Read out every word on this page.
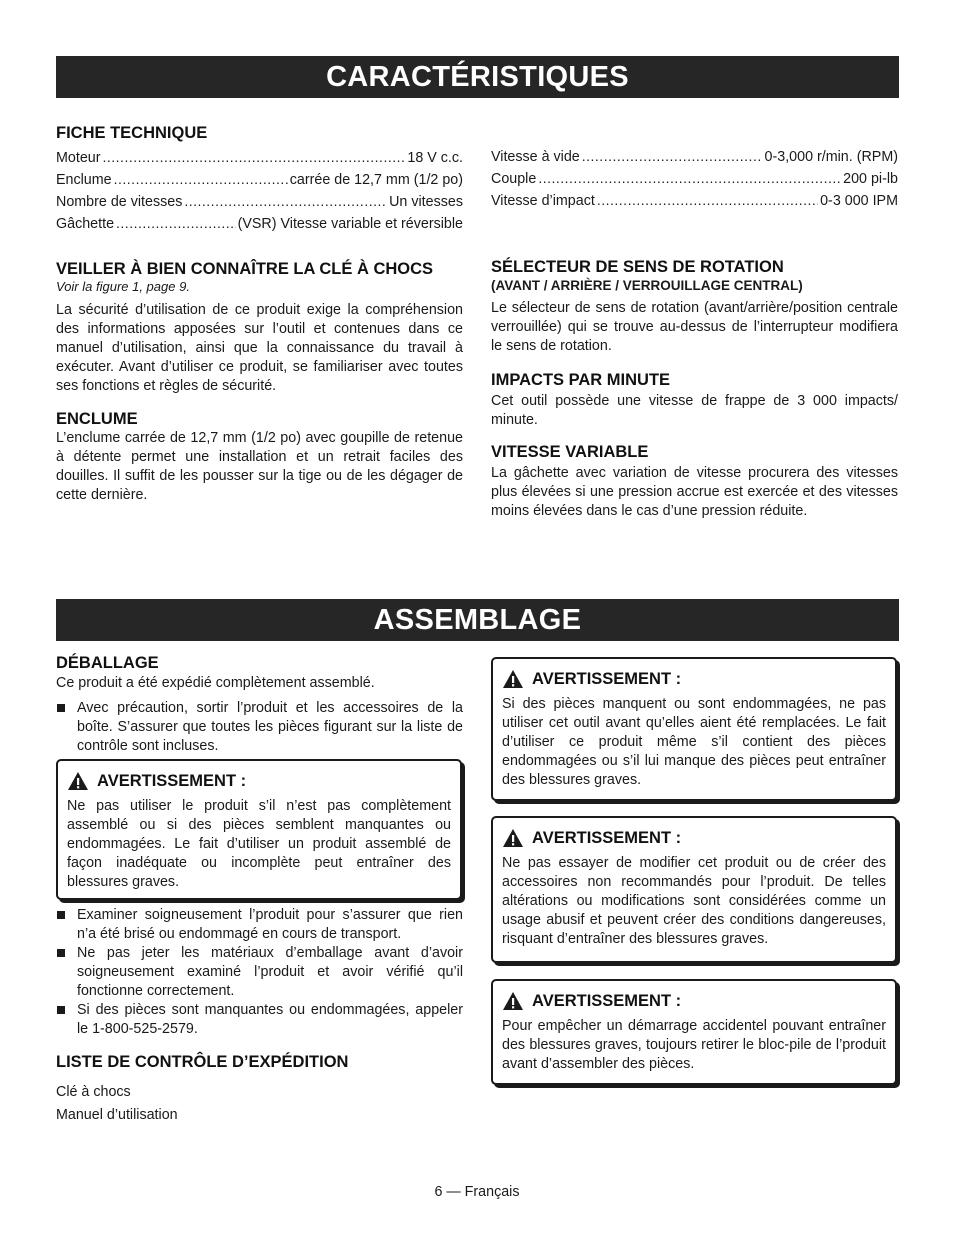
CARACTÉRISTIQUES
FICHE TECHNIQUE
Moteur .....	18 V c.c.
Enclume .....	carrée de 12,7 mm (1/2 po)
Nombre de vitesses .....	Un vitesses
Gâchette .....	(VSR) Vitesse variable et réversible
Vitesse à vide .....	0-3,000 r/min. (RPM)
Couple .....	200 pi-lb
Vitesse d’impact .....	0-3 000 IPM
VEILLER À BIEN CONNAÎTRE LA CLÉ À CHOCS
Voir la figure 1, page 9.

La sécurité d’utilisation de ce produit exige la compréhension des informations apposées sur l’outil et contenues dans ce manuel d’utilisation, ainsi que la connaissance du travail à exécuter. Avant d’utiliser ce produit, se familiariser avec toutes ses fonctions et règles de sécurité.

ENCLUME

L’enclume carrée de 12,7 mm (1/2 po) avec goupille de retenue à détente permet une installation et un retrait faciles des douilles. Il suffit de les pousser sur la tige ou de les dégager de cette dernière.

SÉLECTEUR DE SENS DE ROTATION
(AVANT / ARRIÈRE / VERROUILLAGE CENTRAL)

Le sélecteur de sens de rotation (avant/arrière/position centrale verrouillée) qui se trouve au-dessus de l’interrupteur modifiera le sens de rotation.

IMPACTS PAR MINUTE

Cet outil possède une vitesse de frappe de 3 000 impacts/ minute.

VITESSE VARIABLE

La gâchette avec variation de vitesse procurera des vitesses plus élevées si une pression accrue est exercée et des vitesses moins élevées dans le cas d’une pression réduite.

ASSEMBLAGE
DÉBALLAGE

Ce produit a été expédié complètement assemblé.

Avec précaution, sortir l’produit et les accessoires de la boîte. S’assurer que toutes les pièces figurant sur la liste de contrôle sont incluses.
AVERTISSEMENT :

Ne pas utiliser le produit s’il n’est pas complètement assemblé ou si des pièces semblent manquantes ou endommagées. Le fait d’utiliser un produit assemblé de façon inadéquate ou incomplète peut entraîner des blessures graves.

Examiner soigneusement l’produit pour s’assurer que rien n’a été brisé ou endommagé en cours de transport.
Ne pas jeter les matériaux d’emballage avant d’avoir soigneusement examiné l’produit et avoir vérifié qu’il fonctionne correctement.
Si des pièces sont manquantes ou endommagées, appeler le 1-800-525-2579.
LISTE DE CONTRÔLE D’EXPÉDITION
Clé à chocs
Manuel d’utilisation
AVERTISSEMENT :

Si des pièces manquent ou sont endommagées, ne pas utiliser cet outil avant qu’elles aient été remplacées. Le fait d’utiliser ce produit même s’il contient des pièces endommagées ou s’il lui manque des pièces peut entraîner des blessures graves.

AVERTISSEMENT :

Ne pas essayer de modifier cet produit ou de créer des accessoires non recommandés pour l’produit. De telles altérations ou modifications sont considérées comme un usage abusif et peuvent créer des conditions dangereuses, risquant d’entraîner des blessures graves.

AVERTISSEMENT :

Pour empêcher un démarrage accidentel pouvant entraîner des blessures graves, toujours retirer le bloc-pile de l’produit avant d’assembler des pièces.

6 — Français
